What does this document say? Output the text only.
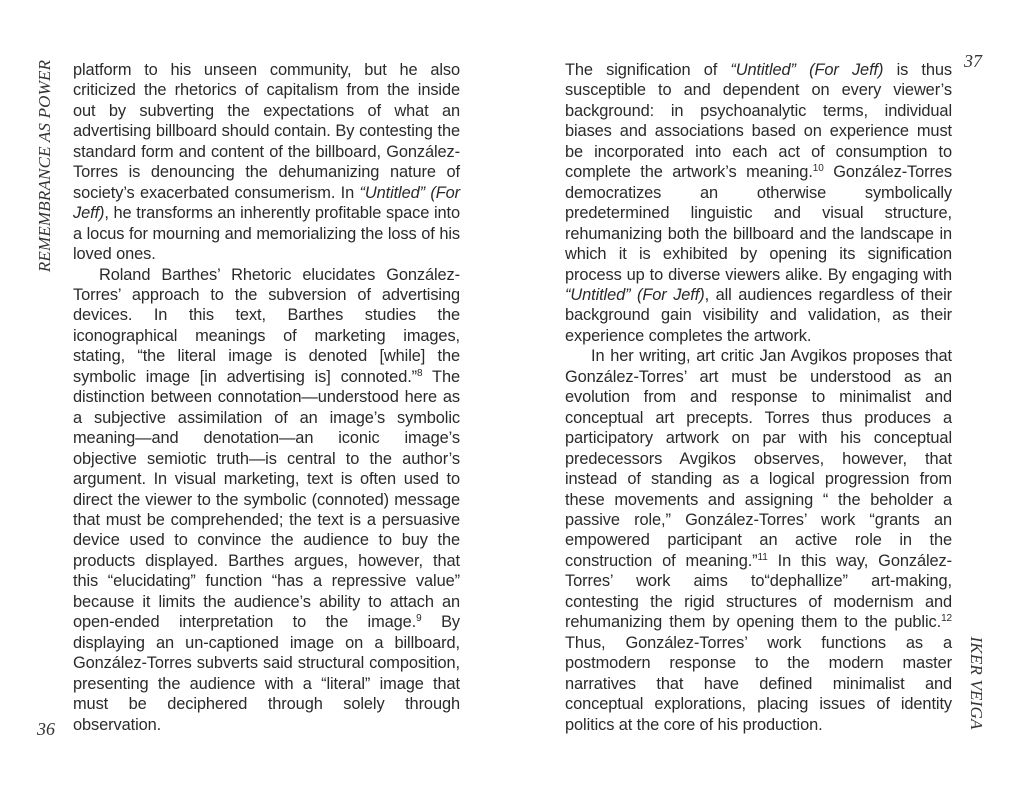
REMEMBRANCE AS POWER platform to his unseen community, but he also criticized the rhetorics of capitalism from the inside out by subverting the expectations of what an advertising billboard should contain. By contesting the standard form and content of the billboard, González-Torres is denouncing the dehumanizing nature of society’s exacerbated consumerism. In “Untitled” (For Jeff), he transforms an inherently profitable space into a locus for mourning and memorializing the loss of his loved ones.

Roland Barthes’ Rhetoric elucidates González-Torres’ approach to the subversion of advertising devices. In this text, Barthes studies the iconographical meanings of marketing images, stating, “the literal image is denoted [while] the symbolic image [in advertising is] connoted.”$^8$ The distinction between connotation—understood here as a subjective assimilation of an image’s symbolic meaning—and denotation—an iconic image’s objective semiotic truth—is central to the author’s argument. In visual marketing, text is often used to direct the viewer to the symbolic (connoted) message that must be comprehended; the text is a persuasive device used to convince the audience to buy the products displayed. Barthes argues, however, that this “elucidating” function “has a repressive value” because it limits the audience’s ability to attach an open-ended interpretation to the image.$^9$ By displaying an un-captioned image on a billboard, González-Torres subverts said structural composition, presenting the audience with a “literal” image that must be deciphered through solely through observation.

36

The signification of “Untitled” (For Jeff) is thus susceptible to and dependent on every viewer’s background: in psychoanalytic terms, individual biases and associations based on experience must be incorporated into each act of consumption to complete the artwork’s meaning.$^{10}$ González-Torres democratizes an otherwise symbolically predetermined linguistic and visual structure, rehumanizing both the billboard and the landscape in which it is exhibited by opening its signification process up to diverse viewers alike. By engaging with “Untitled” (For Jeff), all audiences regardless of their background gain visibility and validation, as their experience completes the artwork.

In her writing, art critic Jan Avgikos proposes that González-Torres’ art must be understood as an evolution from and response to minimalist and conceptual art precepts. Torres thus produces a participatory artwork on par with his conceptual predecessors Avgikos observes, however, that instead of standing as a logical progression from these movements and assigning “ the beholder a passive role,” González-Torres’ work “grants an empowered participant an active role in the construction of meaning.”$^{11}$ In this way, González-Torres’ work aims to“dephallize” art-making, contesting the rigid structures of modernism and rehumanizing them by opening them to the public.$^{12}$ Thus, González-Torres’ work functions as a postmodern response to the modern master narratives that have defined minimalist and conceptual explorations, placing issues of identity politics at the core of his production.

37
IKER VEIGA
